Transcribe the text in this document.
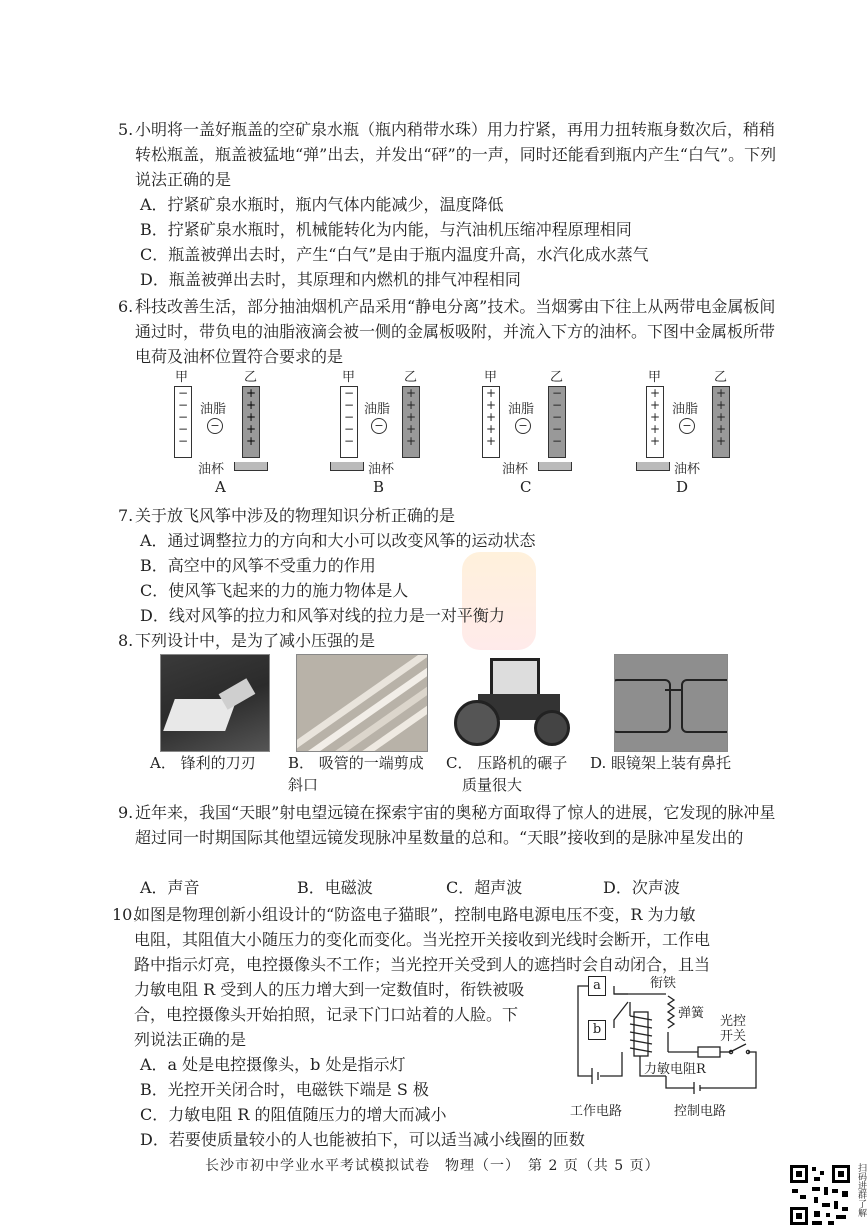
5. 小明将一盖好瓶盖的空矿泉水瓶（瓶内稍带水珠）用力拧紧，再用力扭转瓶身数次后，稍稍转松瓶盖，瓶盖被猛地“弹”出去，并发出“砰”的一声，同时还能看到瓶内产生“白气”。下列说法正确的是
A．拧紧矿泉水瓶时，瓶内气体内能减少，温度降低
B．拧紧矿泉水瓶时，机械能转化为内能，与汽油机压缩冲程原理相同
C．瓶盖被弹出去时，产生“白气”是由于瓶内温度升高，水汽化成水蒸气
D．瓶盖被弹出去时，其原理和内燃机的排气冲程相同
6. 科技改善生活，部分抽油烟机产品采用“静电分离”技术。当烟雾由下往上从两带电金属板间通过时，带负电的油脂液滴会被一侧的金属板吸附，并流入下方的油杯。下图中金属板所带电荷及油杯位置符合要求的是
甲	乙
−
−
−
−
−
+
+
+
+
+
油脂
−
油杯
A
甲	乙
−
−
−
−
−
+
+
+
+
+
油脂
−
油杯
B
甲	乙
+
+
+
+
+
−
−
−
−
−
油脂
−
油杯
C
甲	乙
+
+
+
+
+
+
+
+
+
+
油脂
−
油杯
D
7. 关于放飞风筝中涉及的物理知识分析正确的是
A．通过调整拉力的方向和大小可以改变风筝的运动状态
B．高空中的风筝不受重力的作用
C．使风筝飞起来的力的施力物体是人
D．线对风筝的拉力和风筝对线的拉力是一对平衡力
8. 下列设计中，是为了减小压强的是
A． 锋利的刀刃 B． 吸管的一端剪成
斜口
C． 压路机的碾子
质量很大
D. 眼镜架上装有鼻托
9. 近年来，我国“天眼”射电望远镜在探索宇宙的奥秘方面取得了惊人的进展，它发现的脉冲星超过同一时期国际其他望远镜发现脉冲星数量的总和。“天眼”接收到的是脉冲星发出的
A．声音	B．电磁波	C．超声波	D．次声波
10.
如图是物理创新小组设计的“防盗电子猫眼”，控制电路电源电压不变，R 为力敏
电阻，其阻值大小随压力的变化而变化。当光控开关接收到光线时会断开，工作电
路中指示灯亮，电控摄像头不工作；当光控开关受到人的遮挡时会自动闭合，且当
力敏电阻 R 受到人的压力增大到一定数值时，衔铁被吸
合，电控摄像头开始拍照，记录下门口站着的人脸。下
列说法正确的是
A．a 处是电控摄像头，b 处是指示灯
B．光控开关闭合时，电磁铁下端是 S 极
C．力敏电阻 R 的阻值随压力的增大而减小
D．若要使质量较小的人也能被拍下，可以适当减小线圈的匝数
a
b
衔铁
弹簧
光控开关
力敏电阻R
工作电路	控制电路
长沙市初中学业水平考试模拟试卷　物理（一）　第 2 页（共 5 页）	扫码进群了解
